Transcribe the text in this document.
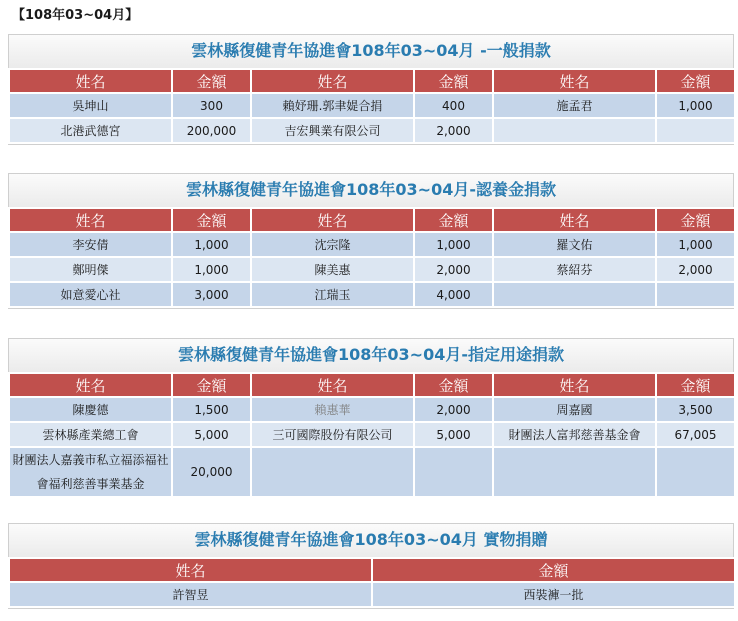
【108年03~04月】
雲林縣復健青年協進會108年03~04月 -一般捐款
姓名	金額	姓名	金額	姓名	金額
吳坤山	300	賴妤珊.郭聿媞合捐	400	施孟君	1,000
北港武德宮	200,000	吉宏興業有限公司	2,000		
雲林縣復健青年協進會108年03~04月-認養金捐款
姓名	金額	姓名	金額	姓名	金額
李安倩	1,000	沈宗隆	1,000	羅文佑	1,000
鄭明傑	1,000	陳美惠	2,000	蔡紹芬	2,000
如意愛心社	3,000	江瑞玉	4,000		
雲林縣復健青年協進會108年03~04月-指定用途捐款
姓名	金額	姓名	金額	姓名	金額
陳慶德	1,500	賴惠華	2,000	周嘉國	3,500
雲林縣產業總工會	5,000	三可國際股份有限公司	5,000	財團法人富邦慈善基金會	67,005
財團法人嘉義市私立福添福社會福利慈善事業基金	20,000				
雲林縣復健青年協進會108年03~04月 實物捐贈
姓名	金額
許智昱	西裝褲一批
